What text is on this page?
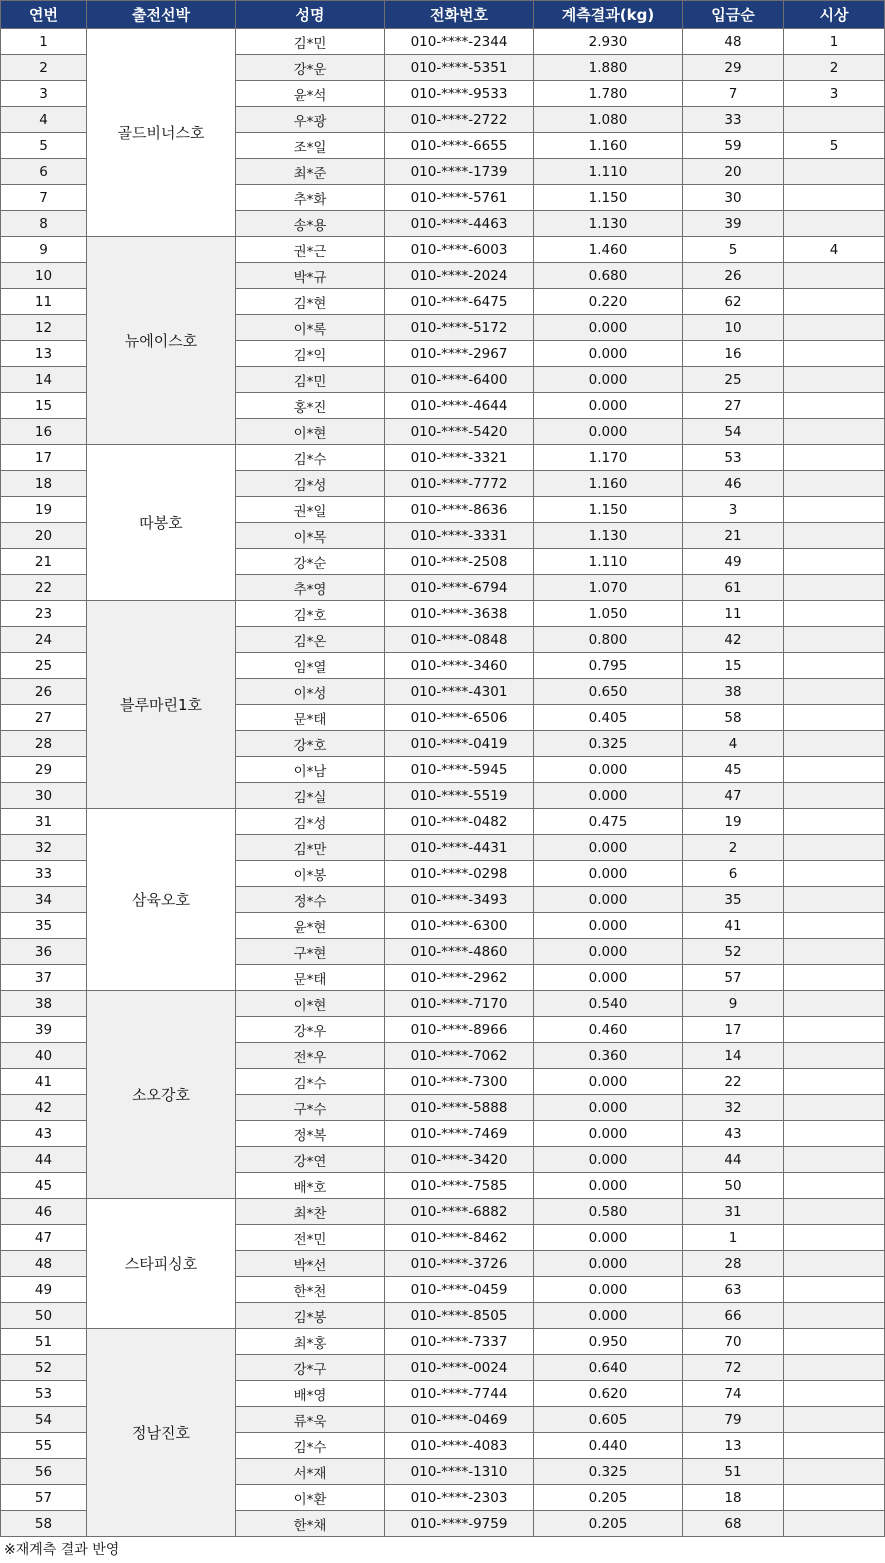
연번	출전선박	성명	전화번호	계측결과(kg)	입금순	시상
1	골드비너스호	김*민	010-****-2344	2.930	48	1
2		강*운	010-****-5351	1.880	29	2
3		윤*석	010-****-9533	1.780	7	3
4		우*광	010-****-2722	1.080	33	
5		조*일	010-****-6655	1.160	59	5
6		최*준	010-****-1739	1.110	20	
7		추*화	010-****-5761	1.150	30	
8		송*용	010-****-4463	1.130	39	
9	뉴에이스호	권*근	010-****-6003	1.460	5	4
10		박*규	010-****-2024	0.680	26	
11		김*현	010-****-6475	0.220	62	
12		이*록	010-****-5172	0.000	10	
13		김*익	010-****-2967	0.000	16	
14		김*민	010-****-6400	0.000	25	
15		홍*진	010-****-4644	0.000	27	
16		이*현	010-****-5420	0.000	54	
17	따봉호	김*수	010-****-3321	1.170	53	
18		김*성	010-****-7772	1.160	46	
19		권*일	010-****-8636	1.150	3	
20		이*목	010-****-3331	1.130	21	
21		강*순	010-****-2508	1.110	49	
22		추*영	010-****-6794	1.070	61	
23	블루마린1호	김*호	010-****-3638	1.050	11	
24		김*온	010-****-0848	0.800	42	
25		임*열	010-****-3460	0.795	15	
26		이*성	010-****-4301	0.650	38	
27		문*태	010-****-6506	0.405	58	
28		강*호	010-****-0419	0.325	4	
29		이*남	010-****-5945	0.000	45	
30		김*실	010-****-5519	0.000	47	
31	삼육오호	김*성	010-****-0482	0.475	19	
32		김*만	010-****-4431	0.000	2	
33		이*봉	010-****-0298	0.000	6	
34		정*수	010-****-3493	0.000	35	
35		윤*현	010-****-6300	0.000	41	
36		구*현	010-****-4860	0.000	52	
37		문*태	010-****-2962	0.000	57	
38	소오강호	이*현	010-****-7170	0.540	9	
39		강*우	010-****-8966	0.460	17	
40		전*우	010-****-7062	0.360	14	
41		김*수	010-****-7300	0.000	22	
42		구*수	010-****-5888	0.000	32	
43		정*복	010-****-7469	0.000	43	
44		강*연	010-****-3420	0.000	44	
45		배*호	010-****-7585	0.000	50	
46	스타피싱호	최*찬	010-****-6882	0.580	31	
47		전*민	010-****-8462	0.000	1	
48		박*선	010-****-3726	0.000	28	
49		한*천	010-****-0459	0.000	63	
50		김*봉	010-****-8505	0.000	66	
51	정남진호	최*홍	010-****-7337	0.950	70	
52		강*구	010-****-0024	0.640	72	
53		배*영	010-****-7744	0.620	74	
54		류*욱	010-****-0469	0.605	79	
55		김*수	010-****-4083	0.440	13	
56		서*재	010-****-1310	0.325	51	
57		이*환	010-****-2303	0.205	18	
58		한*채	010-****-9759	0.205	68	
※재계측 결과 반영
